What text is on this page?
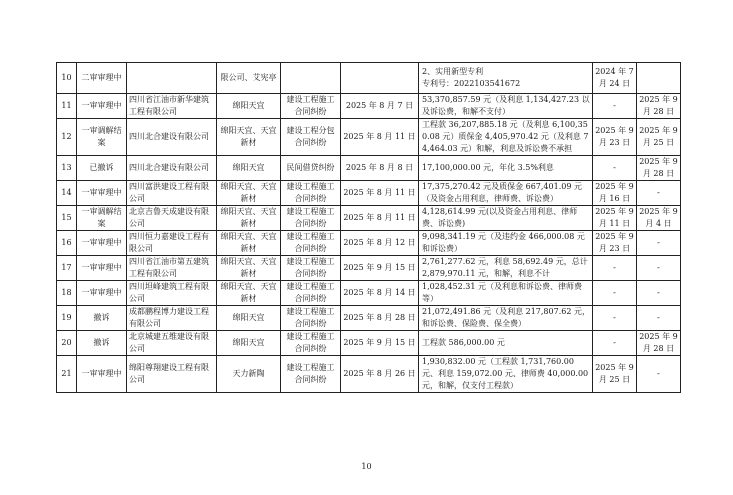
10	二审审理中		限公司、艾宪亭			2、实用新型专利
专利号：2022103541672	2024 年 7 月 24 日	
11	一审审理中	四川省江油市新华建筑工程有限公司	绵阳天宜	建设工程施工合同纠纷	2025 年 8 月 7 日	53,370,857.59 元（及利息 1,134,427.23 以及诉讼费，和解不支付）	-	2025 年 9 月 28 日
12	一审调解结案	四川北合建设有限公司	绵阳天宜、天宜新材	建设工程分包合同纠纷	2025 年 8 月 11 日	工程款 36,207,885.18 元（及利息 6,100,350.08 元）质保金 4,405,970.42 元（及利息 74,464.03 元）和解，利息及诉讼费不承担	2025 年 9 月 23 日	2025 年 9 月 25 日
13	已撤诉	四川北合建设有限公司	绵阳天宜	民间借贷纠纷	2025 年 8 月 8 日	17,100,000.00 元，年化 3.5%利息	-	2025 年 9 月 28 日
14	一审审理中	四川富洪建设工程有限公司	绵阳天宜、天宜新材	建设工程施工合同纠纷	2025 年 8 月 11 日	17,375,270.42 元及质保金 667,401.09 元（及资金占用利息，律师费、诉讼费）	2025 年 9 月 16 日	-
15	一审调解结案	北京吉鲁天成建设有限公司	绵阳天宜、天宜新材	建设工程施工合同纠纷	2025 年 8 月 11 日	4,128,614.99 元(以及资金占用利息、律师费、诉讼费)	2025 年 9 月 11 日	2025 年 9 月 4 日
16	一审审理中	四川恒力嘉建设工程有限公司	绵阳天宜、天宜新材	建设工程施工合同纠纷	2025 年 8 月 12 日	9,098,341.19 元（及违约金 466,000.08 元和诉讼费）	2025 年 9 月 23 日	-
17	一审审理中	四川省江油市第五建筑工程有限公司	绵阳天宜、天宜新材	建设工程施工合同纠纷	2025 年 9 月 15 日	2,761,277.62 元，利息 58,692.49 元，总计 2,879,970.11 元，和解，利息不计	-	-
18	一审审理中	四川坦峰建筑工程有限公司	绵阳天宜、天宜新材	建设工程施工合同纠纷	2025 年 8 月 14 日	1,028,452.31 元（及利息和诉讼费、律师费等）	-	-
19	撤诉	成都鹏程博力建设工程有限公司	绵阳天宜	建设工程施工合同纠纷	2025 年 8 月 28 日	21,072,491.86 元（及利息 217,807.62 元，和诉讼费、保险费、保全费）	-	-
20	撤诉	北京城建五维建设有限公司	绵阳天宜	建设工程施工合同纠纷	2025 年 9 月 15 日	工程款 586,000.00 元	-	2025 年 9 月 28 日
21	一审审理中	绵阳尊翔建设工程有限公司	天力新陶	建设工程施工合同纠纷	2025 年 8 月 26 日	1,930,832.00 元（工程款 1,731,760.00 元、利息 159,072.00 元、律师费 40,000.00 元，和解，仅支付工程款）	2025 年 9 月 25 日	-
10
